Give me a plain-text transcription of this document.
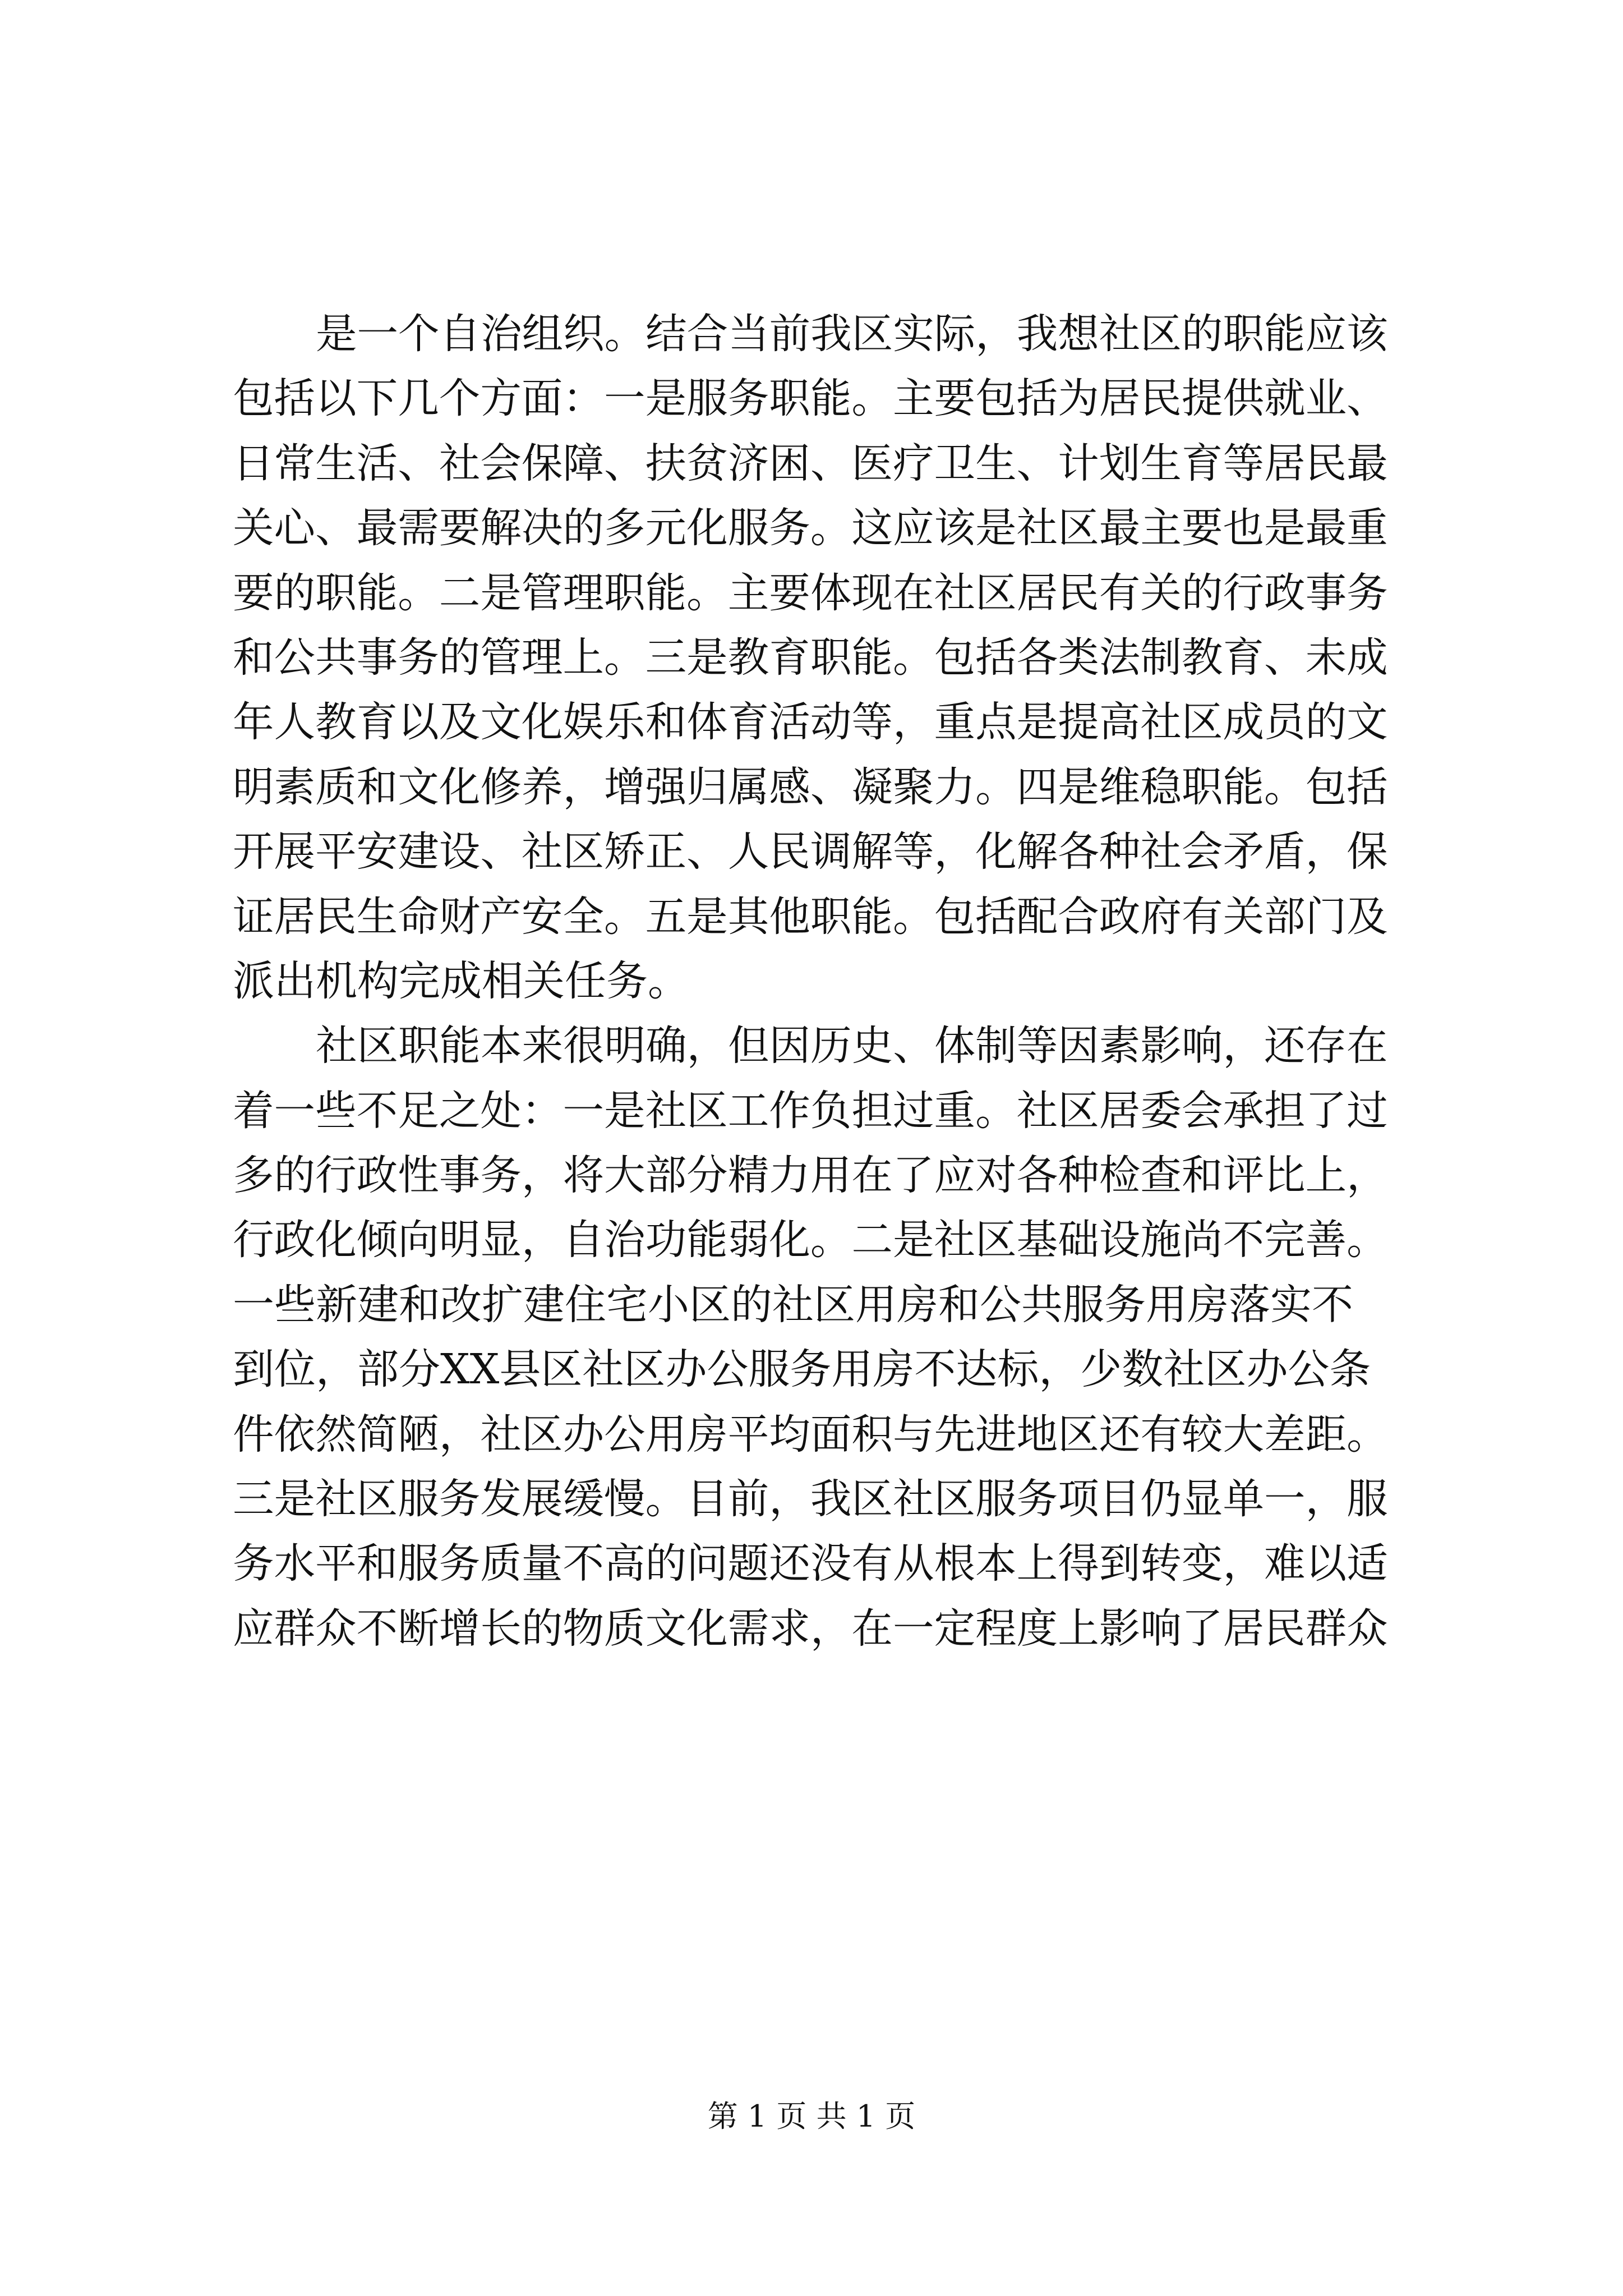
是一个自治组织。结合当前我区实际，我想社区的职能应该
包括以下几个方面：一是服务职能。主要包括为居民提供就业、
日常生活、社会保障、扶贫济困、医疗卫生、计划生育等居民最
关心、最需要解决的多元化服务。这应该是社区最主要也是最重
要的职能。二是管理职能。主要体现在社区居民有关的行政事务
和公共事务的管理上。三是教育职能。包括各类法制教育、未成
年人教育以及文化娱乐和体育活动等，重点是提高社区成员的文
明素质和文化修养，增强归属感、凝聚力。四是维稳职能。包括
开展平安建设、社区矫正、人民调解等，化解各种社会矛盾，保
证居民生命财产安全。五是其他职能。包括配合政府有关部门及
派出机构完成相关任务。
社区职能本来很明确，但因历史、体制等因素影响，还存在
着一些不足之处：一是社区工作负担过重。社区居委会承担了过
多的行政性事务，将大部分精力用在了应对各种检查和评比上，
行政化倾向明显，自治功能弱化。二是社区基础设施尚不完善。
一些新建和改扩建住宅小区的社区用房和公共服务用房落实不
到位，部分XX县区社区办公服务用房不达标，少数社区办公条
件依然简陋，社区办公用房平均面积与先进地区还有较大差距。
三是社区服务发展缓慢。目前，我区社区服务项目仍显单一，服
务水平和服务质量不高的问题还没有从根本上得到转变，难以适
应群众不断增长的物质文化需求，在一定程度上影响了居民群众
第 1 页 共 1 页
